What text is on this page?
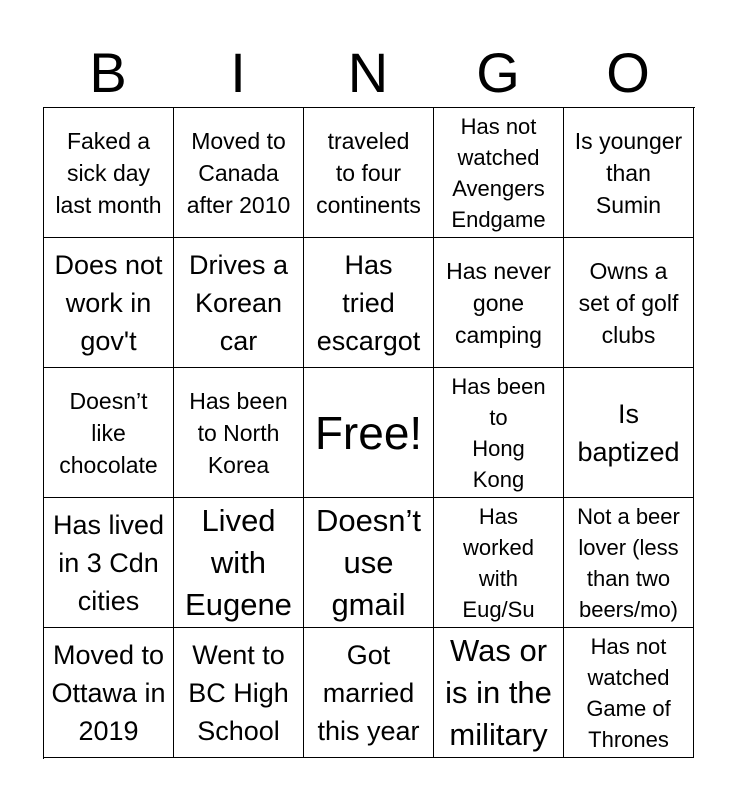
B	I	N	G	O
Faked a
sick day
last month
Moved to
Canada
after 2010
traveled
to four
continents
Has not
watched
Avengers
Endgame
Is younger
than
Sumin
Does not
work in
gov't
Drives a
Korean
car
Has
tried
escargot
Has never
gone
camping
Owns a
set of golf
clubs
Doesn’t
like
chocolate
Has been
to North
Korea
Free!
Has been
to
Hong
Kong
Is
baptized
Has lived
in 3 Cdn
cities
Lived
with
Eugene
Doesn’t
use
gmail
Has
worked
with
Eug/Su
Not a beer
lover (less
than two
beers/mo)
Moved to
Ottawa in
2019
Went to
BC High
School
Got
married
this year
Was or
is in the
military
Has not
watched
Game of
Thrones
